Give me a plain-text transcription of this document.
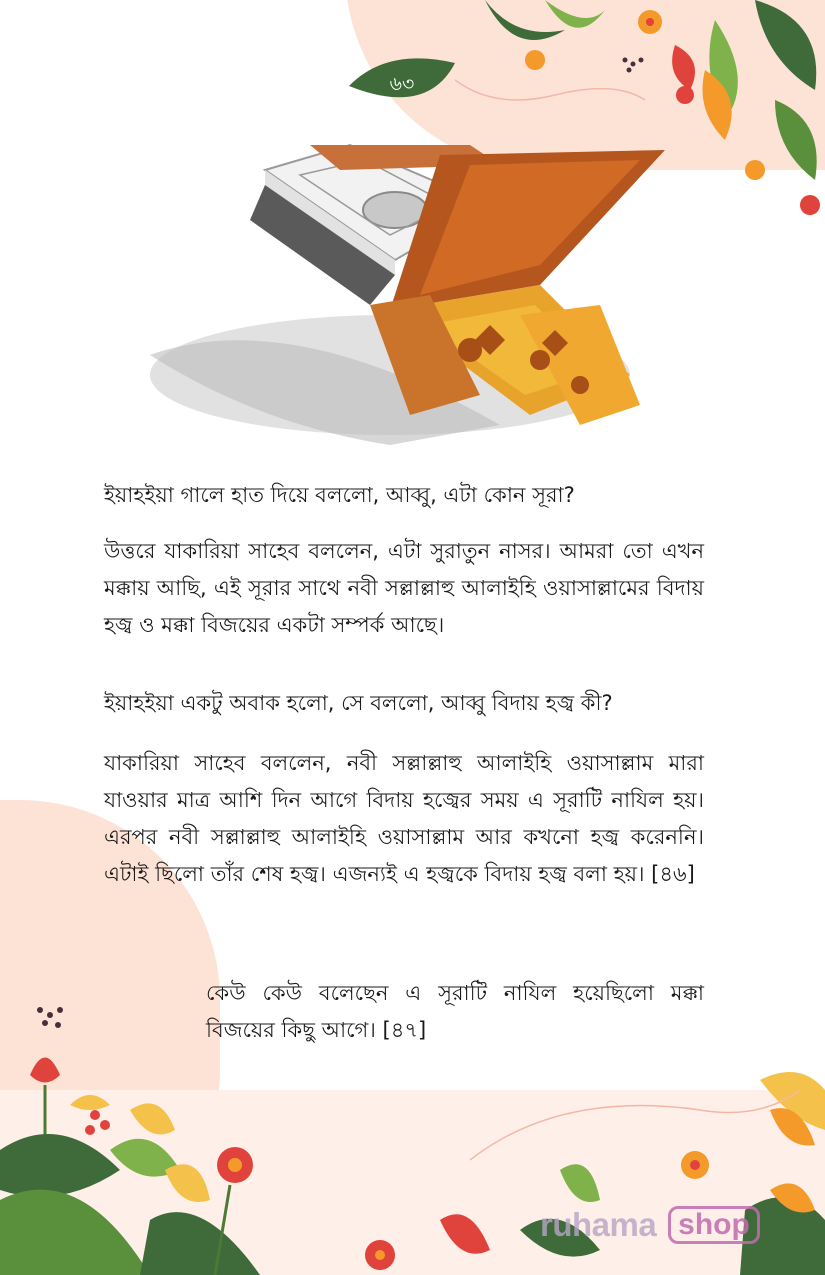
৬৩
ইয়াহইয়া গালে হাত দিয়ে বললো, আব্বু, এটা কোন সূরা?
উত্তরে যাকারিয়া সাহেব বললেন, এটা সুরাতুন নাসর। আমরা তো এখন মক্কায় আছি, এই সূরার সাথে নবী সল্লাল্লাহু আলাইহি ওয়াসাল্লামের বিদায় হজ্ব ও মক্কা বিজয়ের একটা সম্পর্ক আছে।
ইয়াহইয়া একটু অবাক হলো, সে বললো, আব্বু বিদায় হজ্ব কী?
যাকারিয়া সাহেব বললেন, নবী সল্লাল্লাহু আলাইহি ওয়াসাল্লাম মারা যাওয়ার মাত্র আশি দিন আগে বিদায় হজ্বের সময় এ সূরাটি নাযিল হয়। এরপর নবী সল্লাল্লাহু আলাইহি ওয়াসাল্লাম আর কখনো হজ্ব করেননি। এটাই ছিলো তাঁর শেষ হজ্ব। এজন্যই এ হজ্বকে বিদায় হজ্ব বলা হয়। [৪৬]
কেউ কেউ বলেছেন এ সূরাটি নাযিল হয়েছিলো মক্কা বিজয়ের কিছু আগে। [৪৭]
ruhama shop
